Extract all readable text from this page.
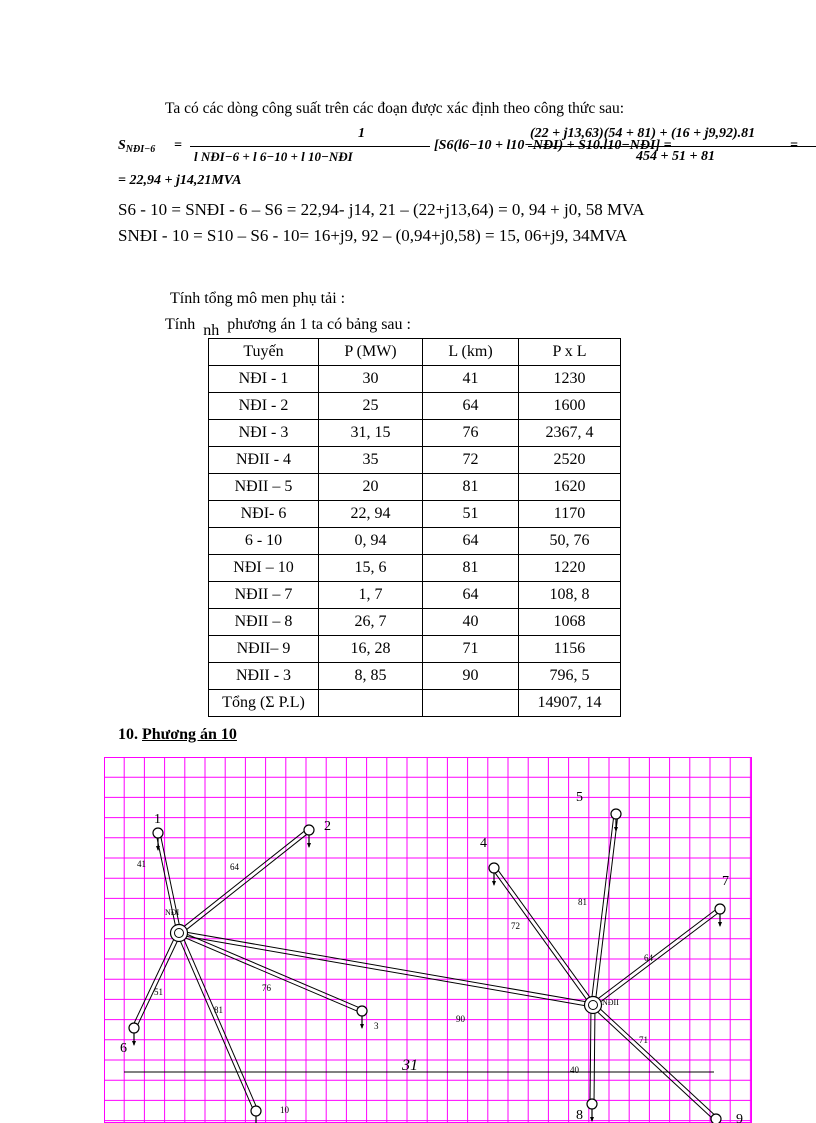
Ta có các dòng công suất trên các đoạn được xác định theo công thức sau:
$S_{NĐI-6}$ =
1
l NĐI−6 + l 6−10 + l 10−NĐI
[S6(l6−10 + l10−NĐI) + S10.l10−NĐI] =
(22 + j13,63)(54 + 81) + (16 + j9,92).81
454 + 51 + 81
=
= 22,94 + j14,21MVA
S6 - 10 = SNĐI - 6 – S6 = 22,94- j14, 21 – (22+j13,64) = 0, 94 + j0, 58 MVA
SNĐI - 10 = S10 – S6 - 10= 16+j9, 92 – (0,94+j0,58) = 15, 06+j9, 34MVA
Tính tổng mô men phụ tải :
Tính nh phương án 1 ta có bảng sau :
Tuyến	P (MW)	L (km)	P x L
NĐI - 1	30	41	1230
NĐI - 2	25	64	1600
NĐI - 3	31, 15	76	2367, 4
NĐII - 4	35	72	2520
NĐII – 5	20	81	1620
NĐI- 6	22, 94	51	1170
6 - 10	0, 94	64	50, 76
NĐI – 10	15, 6	81	1220
NĐII – 7	1, 7	64	108, 8
NĐII – 8	26, 7	40	1068
NĐII– 9	16, 28	71	1156
NĐII - 3	8, 85	90	796, 5
Tổng (Σ P.L)			14907, 14
10. Phương án 10
1	2
3
4
5
6
7
8	9
10
NĐI
NĐII
41	64
76
51
81
90
72
81
64
71
40
31
